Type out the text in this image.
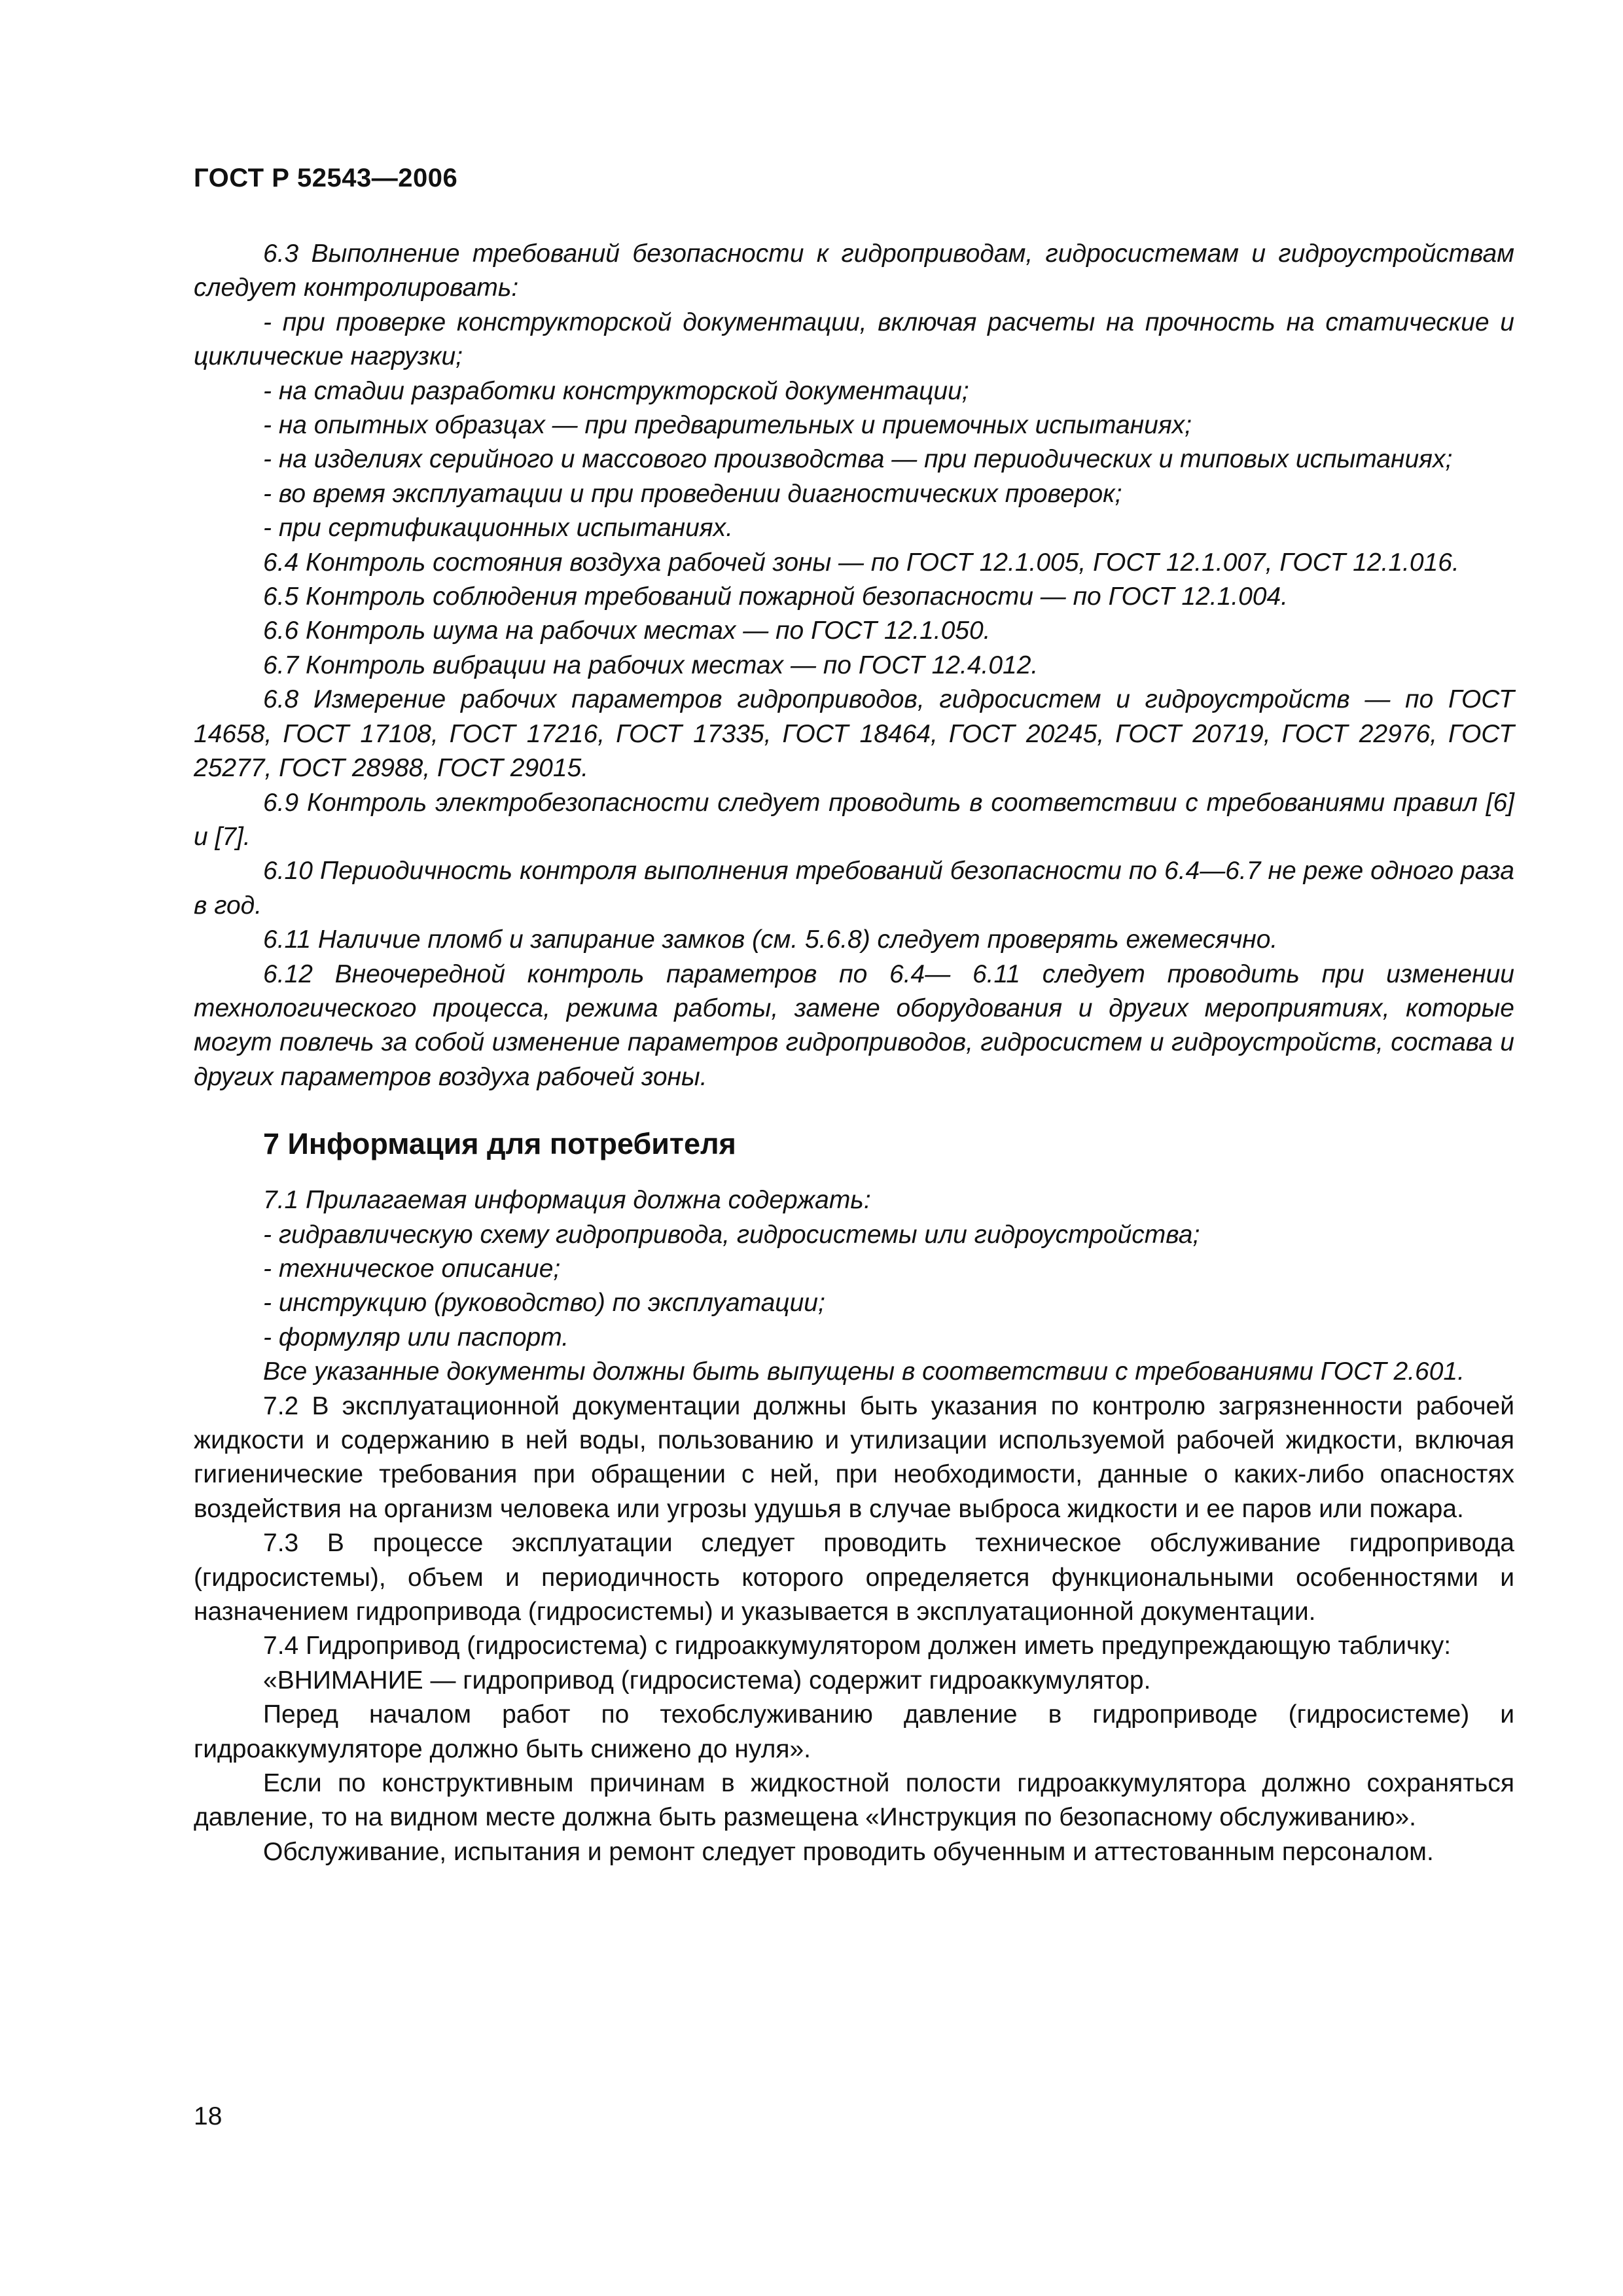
ГОСТ Р 52543—2006

6.3 Выполнение требований безопасности к гидроприводам, гидросистемам и гидроустройствам следует контролировать:

- при проверке конструкторской документации, включая расчеты на прочность на статические и циклические нагрузки;

- на стадии разработки конструкторской документации;

- на опытных образцах — при предварительных и приемочных испытаниях;

- на изделиях серийного и массового производства — при периодических и типовых испытаниях;

- во время эксплуатации и при проведении диагностических проверок;

- при сертификационных испытаниях.

6.4 Контроль состояния воздуха рабочей зоны — по ГОСТ 12.1.005, ГОСТ 12.1.007, ГОСТ 12.1.016.

6.5 Контроль соблюдения требований пожарной безопасности — по ГОСТ 12.1.004.

6.6 Контроль шума на рабочих местах — по ГОСТ 12.1.050.

6.7 Контроль вибрации на рабочих местах — по ГОСТ 12.4.012.

6.8 Измерение рабочих параметров гидроприводов, гидросистем и гидроустройств — по ГОСТ 14658, ГОСТ 17108, ГОСТ 17216, ГОСТ 17335, ГОСТ 18464, ГОСТ 20245, ГОСТ 20719, ГОСТ 22976, ГОСТ 25277, ГОСТ 28988, ГОСТ 29015.

6.9 Контроль электробезопасности следует проводить в соответствии с требованиями правил [6] и [7].

6.10 Периодичность контроля выполнения требований безопасности по 6.4—6.7 не реже одного раза в год.

6.11 Наличие пломб и запирание замков (см. 5.6.8) следует проверять ежемесячно.

6.12 Внеочередной контроль параметров по 6.4— 6.11 следует проводить при изменении технологического процесса, режима работы, замене оборудования и других мероприятиях, которые могут повлечь за собой изменение параметров гидроприводов, гидросистем и гидроустройств, состава и других параметров воздуха рабочей зоны.

7 Информация для потребителя

7.1 Прилагаемая информация должна содержать:

- гидравлическую схему гидропривода, гидросистемы или гидроустройства;

- техническое описание;

- инструкцию (руководство) по эксплуатации;

- формуляр или паспорт.

Все указанные документы должны быть выпущены в соответствии с требованиями ГОСТ 2.601.

7.2 В эксплуатационной документации должны быть указания по контролю загрязненности рабочей жидкости и содержанию в ней воды, пользованию и утилизации используемой рабочей жидкости, включая гигиенические требования при обращении с ней, при необходимости, данные о каких-либо опасностях воздействия на организм человека или угрозы удушья в случае выброса жидкости и ее паров или пожара.

7.3 В процессе эксплуатации следует проводить техническое обслуживание гидропривода (гидросистемы), объем и периодичность которого определяется функциональными особенностями и назначением гидропривода (гидросистемы) и указывается в эксплуатационной документации.

7.4 Гидропривод (гидросистема) с гидроаккумулятором должен иметь предупреждающую табличку:

«ВНИМАНИЕ — гидропривод (гидросистема) содержит гидроаккумулятор.

Перед началом работ по техобслуживанию давление в гидроприводе (гидросистеме) и гидроаккумуляторе должно быть снижено до нуля».

Если по конструктивным причинам в жидкостной полости гидроаккумулятора должно сохраняться давление, то на видном месте должна быть размещена «Инструкция по безопасному обслуживанию».

Обслуживание, испытания и ремонт следует проводить обученным и аттестованным персоналом.

18
